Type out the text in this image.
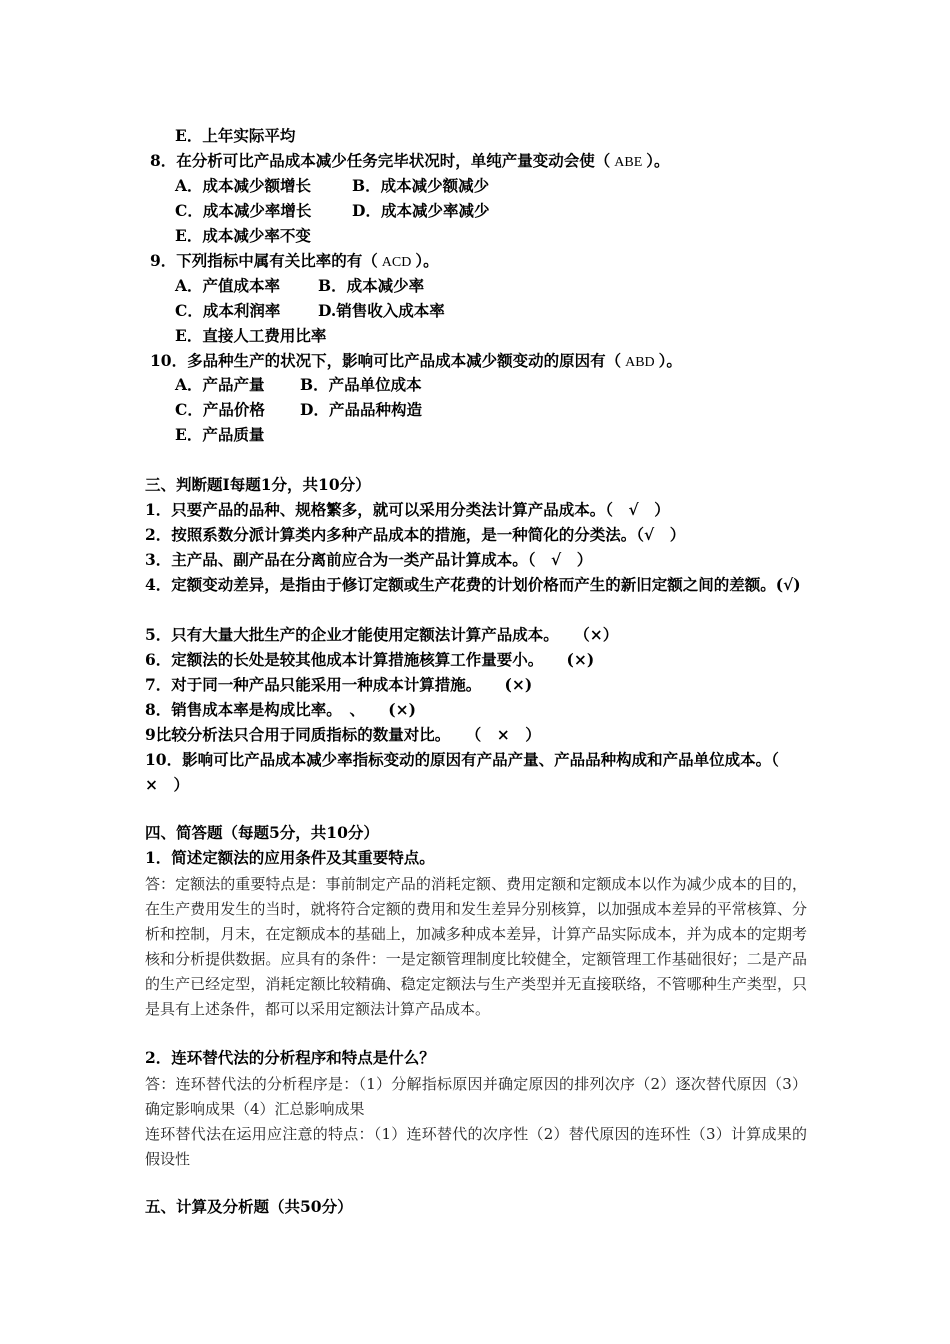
E．上年实际平均
8．在分析可比产品成本减少任务完毕状况时，单纯产量变动会使（ ABE ）。
A．成本减少额增长	B．成本减少额减少
C．成本减少率增长	D．成本减少率减少
E．成本减少率不变
9．下列指标中属有关比率的有（ ACD ）。
A．产值成本率 B．成本减少率
C．成本利润率 D.销售收入成本率
E．直接人工费用比率
10．多品种生产的状况下，影响可比产品成本减少额变动的原因有（ ABD ）。
A．产品产量 B．产品单位成本
C．产品价格 D．产品品种构造
E．产品质量
三、判断题I每题1分，共10分）
1．只要产品的品种、规格繁多，就可以采用分类法计算产品成本。（　√　）
2．按照系数分派计算类内多种产品成本的措施，是一种简化的分类法。（√　）
3．主产品、副产品在分离前应合为一类产品计算成本。（　√　）
4．定额变动差异，是指由于修订定额或生产花费的计划价格而产生的新旧定额之间的差额。(√)
5．只有大量大批生产的企业才能使用定额法计算产品成本。　　（×）
6．定额法的长处是较其他成本计算措施核算工作量要小。　　(×)
7．对于同一种产品只能采用一种成本计算措施。　　(×)
8．销售成本率是构成比率。　、　　(×)
9比较分析法只合用于同质指标的数量对比。　　（　×　）
10．影响可比产品成本减少率指标变动的原因有产品产量、产品品种构成和产品单位成本。（　×　）
四、简答题（每题5分，共10分）
1．简述定额法的应用条件及其重要特点。
答：定额法的重要特点是：事前制定产品的消耗定额、费用定额和定额成本以作为减少成本的目的，在生产费用发生的当时，就将符合定额的费用和发生差异分别核算，以加强成本差异的平常核算、分析和控制，月末，在定额成本的基础上，加减多种成本差异，计算产品实际成本，并为成本的定期考核和分析提供数据。应具有的条件：一是定额管理制度比较健全，定额管理工作基础很好；二是产品的生产已经定型，消耗定额比较精确、稳定定额法与生产类型并无直接联络，不管哪种生产类型，只是具有上述条件，都可以采用定额法计算产品成本。
2．连环替代法的分析程序和特点是什么？
答：连环替代法的分析程序是：（1）分解指标原因并确定原因的排列次序（2）逐次替代原因（3）确定影响成果（4）汇总影响成果
连环替代法在运用应注意的特点：（1）连环替代的次序性（2）替代原因的连环性（3）计算成果的假设性
五、计算及分析题（共50分）
